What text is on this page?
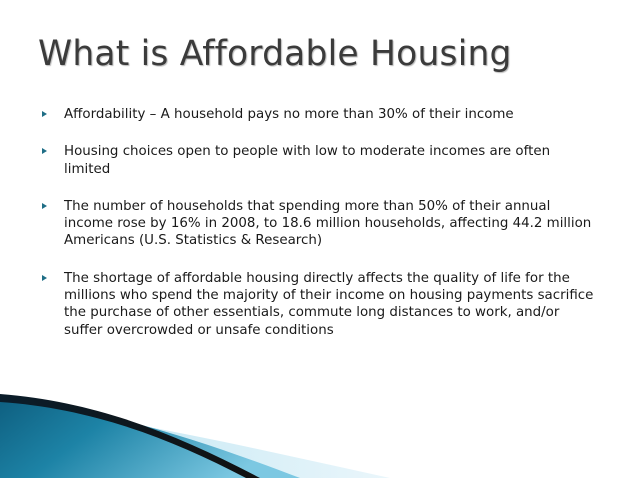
What is Affordable Housing
Affordability – A household pays no more than 30% of their income
Housing choices open to people with low to moderate incomes are often limited
The number of households that spending more than 50% of their annual income rose by 16% in 2008, to 18.6 million households, affecting 44.2 million Americans (U.S. Statistics & Research)
The shortage of affordable housing directly affects the quality of life for the millions who spend the majority of their income on housing payments sacrifice the purchase of other essentials, commute long distances to work, and/or suffer overcrowded or unsafe conditions
